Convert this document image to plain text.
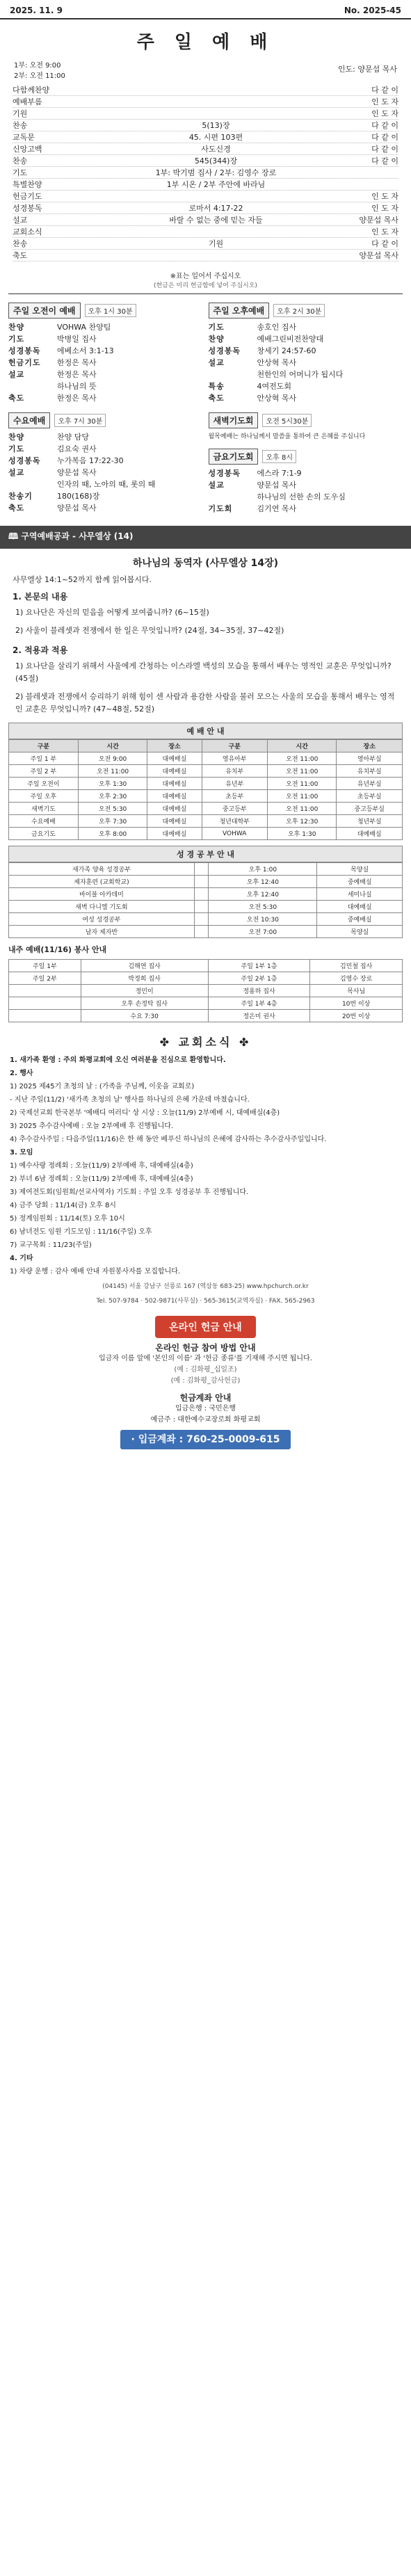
2025. 11. 9	No. 2025-45
주 일 예 배
1부: 오전 9:00
2부: 오전 11:00
인도: 양문섭 목사
다함께찬양	다 같 이
예배부름	인 도 자
기원	인 도 자
찬송	5(13)장	다 같 이
교독문	45. 시편 103편	다 같 이
신앙고백	사도신경	다 같 이
찬송	545(344)장	다 같 이
기도	1부: 박기범 집사 / 2부: 김영수 장로
특별찬양	1부 시온 / 2부 주안에 바라님
헌금기도	인 도 자
성경봉독	로마서 4:17-22	인 도 자
설교	바랄 수 없는 중에 믿는 자들	양문섭 목사
교회소식	인 도 자
찬송	기원	다 같 이
축도	양문섭 목사
※표는 일어서 주십시오
(헌금은 미리 헌금함에 넣어 주십시오)
주일 오전이 예배	오후 1시 30분
찬양	VOHWA 찬양팀
기도	박병일 집사
성경봉독	에베소서 3:1-13
헌금기도	한정은 목사
설교	한정은 목사
하나님의 뜻
축도	한정은 목사
주일 오후예배	오후 2시 30분
기도	송호인 집사
찬양	예배그린비전찬양대
성경봉독	창세기 24:57-60
설교	안상혁 목사
천한인의 어머니가 됩시다
특송	4여전도회
축도	안상혁 목사
수요예배	오후 7시 30분
찬양	찬양 담당
기도	김요숙 권사
성경봉독	누가복음 17:22-30
설교	양문섭 목사
인자의 때, 노아의 때, 롯의 때
찬송기	180(168)장
축도	양문섭 목사
새벽기도회	오전 5시30분
월목예배는 하나님께서 말씀을 통하여 큰 은혜를 주십니다
금요기도회	오후 8시
성경봉독	에스라 7:1-9
설교	양문섭 목사
하나님의 선한 손의 도우심
기도회	김기연 목사
🕮 구역예배공과 - 사무엘상 (14)
하나님의 동역자 (사무엘상 14장)
사무엘상 14:1~52까지 함께 읽어봅시다.
1. 본문의 내용
1) 요나단은 자신의 믿음을 어떻게 보여줍니까? (6~15절)
2) 사울이 블레셋과 전쟁에서 한 일은 무엇입니까? (24절, 34~35절, 37~42절)
2. 적용과 적용
1) 요나단을 살리기 위해서 사울에게 간청하는 이스라엘 백성의 모습을 통해서 배우는 영적인 교훈은 무엇입니까? (45절)
2) 블레셋과 전쟁에서 승리하기 위해 힘이 센 사람과 용감한 사람을 불러 모으는 사울의 모습을 통해서 배우는 영적인 교훈은 무엇입니까? (47~48절, 52절)
예 배 안 내
구분	시간	장소	구분	시간	장소
주일 1 부	오전 9:00	대예배실	영유아부	오전 11:00	영아부실
주일 2 부	오전 11:00	대예배실	유치부	오전 11:00	유치부실
주일 오전이	오후 1:30	대예배실	유년부	오전 11:00	유년부실
주일 오후	오후 2:30	대예배실	초등부	오전 11:00	초등부실
새벽기도	오전 5:30	대예배실	중고등부	오전 11:00	중고등부실
수요예배	오후 7:30	대예배실	청년대학부	오후 12:30	청년부실
금요기도	오후 8:00	대예배실	VOHWA	오후 1:30	대예배실
성 경 공 부 안 내
새가족 양육 성경공부		오후 1:00	목양실
제자훈련 (교회학교)		오후 12:40	중예배실
바이블 아카데미		오후 12:40	세미나실
새벽 다니엘 기도회		오전 5:30	대예배실
여성 성경공부		오전 10:30	중예배실
남자 제자반		오전 7:00	목양실
내주 예배(11/16) 봉사 안내
주일 1부	김해연 집사	주일 1부 1층	김민철 집사
주일 2부	박정희 집사	주일 2부 1층	김영수 장로
	정민이	정용하 집사	목사님
	오후 손정탁 집사	주일 1부 4층	10번 이상
	수요 7:30	정은미 권사	20번 이상
✤ 교회소식 ✤
1. 새가족 환영 : 주의 화평교회에 오신 여러분을 진심으로 환영합니다.
2. 행사
1) 2025 제45기 초청의 날 : (가족을 주님께, 이웃을 교회로)
- 지난 주일(11/2) '새가족 초청의 날' 행사를 하나님의 은혜 가운데 마쳤습니다.
2) 국제선교회 한국본부 '예배디 여러디' 상 시상 : 오늘(11/9) 2부예배 시, 대예배실(4층)
3) 2025 추수감사예배 : 오늘 2부예배 후 진행됩니다.
4) 추수감사주일 : 다음주일(11/16)은 한 해 동안 베푸신 하나님의 은혜에 감사하는 추수감사주일입니다.
3. 모임
1) 예수사랑 정례회 : 오늘(11/9) 2부예배 후, 대예배실(4층)
2) 부녀 6남 정례회 : 오늘(11/9) 2부예배 후, 대예배실(4층)
3) 제여전도회(임원회/선교사역자) 기도회 : 주일 오후 성경공부 후 진행됩니다.
4) 금주 당회 : 11/14(금) 오후 8시
5) 정계임원회 : 11/14(토) 오후 10시
6) 남녀전도 임원 기도모임 : 11/16(주일) 오후
7) 교구목회 : 11/23(주일)
4. 기타
1) 차량 운행 : 감사 예배 안내 자원봉사자를 모집합니다.
(04145) 서울 강남구 선릉로 167 (역삼동 683-25) www.hpchurch.or.kr
Tel. 507-9784 · 502-9871(사무실) · 565-3615(교역자실) · FAX. 565-2963
온라인 헌금 안내
온라인 헌금 참여 방법 안내
입금자 이름 앞에 '본인의 이름' 과 '헌금 종류'를 기재해 주시면 됩니다.
(예 : 김화평_십일조)
(예 : 김화평_감사헌금)
헌금계좌 안내
입금은행 : 국민은행
예금주 : 대한예수교장로회 화평교회
· 입금계좌 : 760-25-0009-615
